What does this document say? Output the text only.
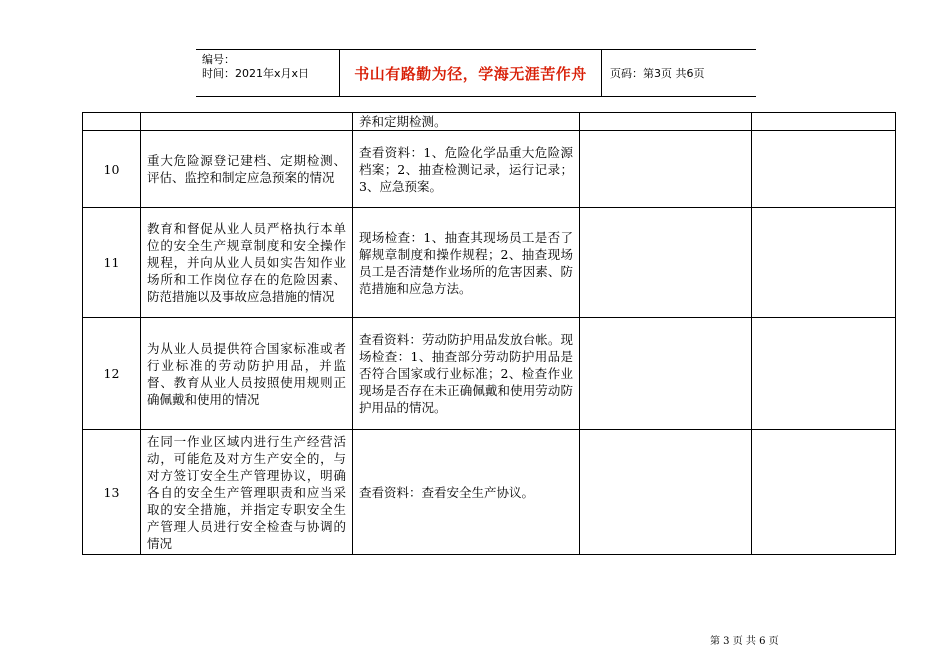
编号：
时间：2021年x月x日	书山有路勤为径，学海无涯苦作舟	页码：第3页 共6页
		养和定期检测。		
10	重大危险源登记建档、定期检测、评估、监控和制定应急预案的情况	查看资料：1、危险化学品重大危险源档案；2、抽查检测记录，运行记录；3、应急预案。		
11	教育和督促从业人员严格执行本单位的安全生产规章制度和安全操作规程，并向从业人员如实告知作业场所和工作岗位存在的危险因素、防范措施以及事故应急措施的情况	现场检查：1、抽查其现场员工是否了解规章制度和操作规程；2、抽查现场员工是否清楚作业场所的危害因素、防范措施和应急方法。		
12	为从业人员提供符合国家标准或者行业标准的劳动防护用品，并监督、教育从业人员按照使用规则正确佩戴和使用的情况	查看资料：劳动防护用品发放台帐。现场检查：1、抽查部分劳动防护用品是否符合国家或行业标准；2、检查作业现场是否存在未正确佩戴和使用劳动防护用品的情况。		
13	在同一作业区域内进行生产经营活动，可能危及对方生产安全的，与对方签订安全生产管理协议，明确各自的安全生产管理职责和应当采取的安全措施，并指定专职安全生产管理人员进行安全检查与协调的情况	查看资料：查看安全生产协议。		
第 3 页 共 6 页
